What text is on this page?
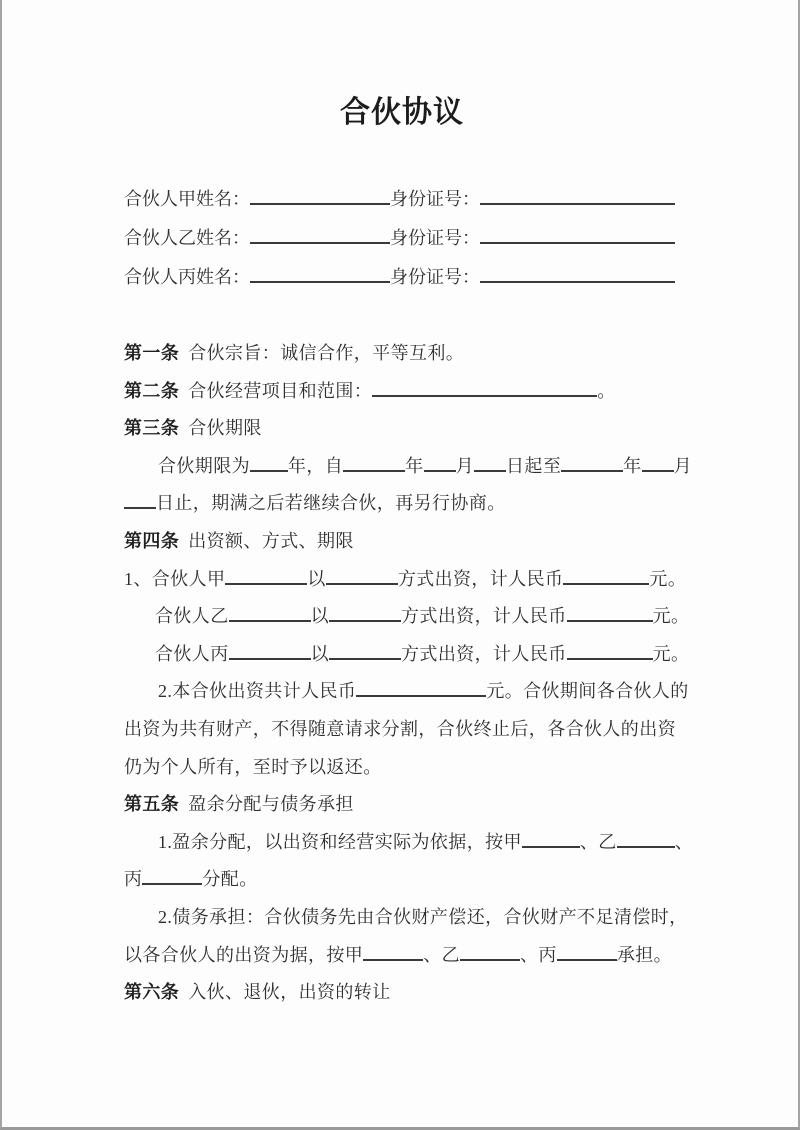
合伙协议
合伙人甲姓名：	身份证号：
合伙人乙姓名：	身份证号：
合伙人丙姓名：	身份证号：
第一条 合伙宗旨：诚信合作，平等互利。
第二条 合伙经营项目和范围：	。
第三条 合伙期限
合伙期限为 年，自	年 月 日起至	年 月
日止，期满之后若继续合伙，再另行协商。
第四条 出资额、方式、期限
1、合伙人甲	以	方式出资，计人民币	元。
合伙人乙	以	方式出资，计人民币	元。
合伙人丙	以	方式出资，计人民币	元。
2.本合伙出资共计人民币	元。合伙期间各合伙人的
出资为共有财产，不得随意请求分割，合伙终止后，各合伙人的出资
仍为个人所有，至时予以返还。
第五条 盈余分配与债务承担
1.盈余分配，以出资和经营实际为依据，按甲	、乙	、
丙	分配。
2.债务承担：合伙债务先由合伙财产偿还，合伙财产不足清偿时，
以各合伙人的出资为据，按甲	、乙	、丙	承担。
第六条 入伙、退伙，出资的转让
